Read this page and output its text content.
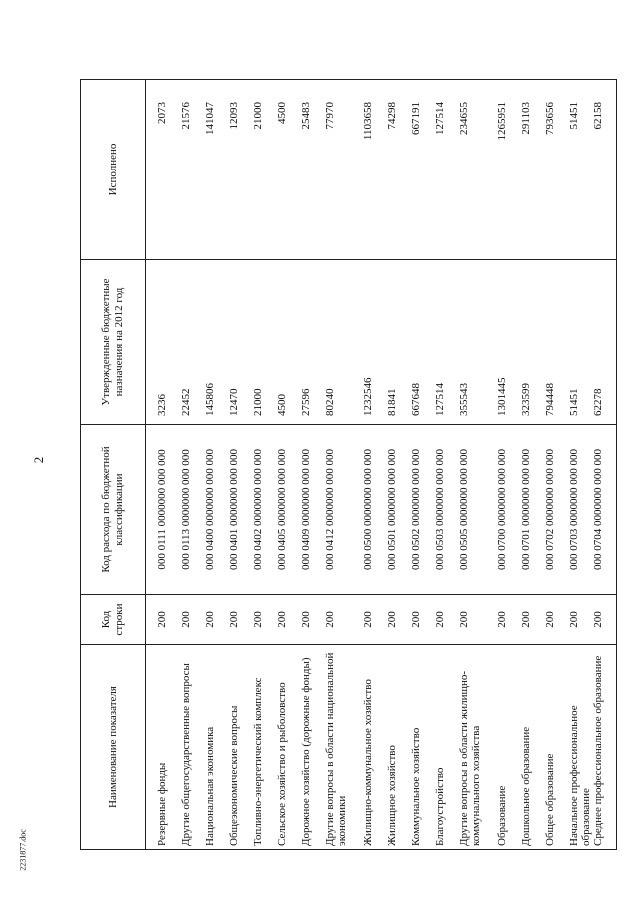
2
Наименование показателя	Код строки	Код расхода по бюджетной классификации	Утвержденные бюджетные назначения на 2012 год	Исполнено
Резервные фонды	200	000 0111 0000000 000 000	3236	2073
Другие общегосударственные вопросы	200	000 0113 0000000 000 000	22452	21576
Национальная экономика	200	000 0400 0000000 000 000	145806	141047
Общеэкономические вопросы	200	000 0401 0000000 000 000	12470	12093
Топливно-энергетический комплекс	200	000 0402 0000000 000 000	21000	21000
Сельское хозяйство и рыболовство	200	000 0405 0000000 000 000	4500	4500
Дорожное хозяйство (дорожные фонды)	200	000 0409 0000000 000 000	27596	25483
Другие вопросы в области национальной экономики	200	000 0412 0000000 000 000	80240	77970

Жилищно-коммунальное хозяйство	200	000 0500 0000000 000 000	1232546	1103658
Жилищное хозяйство	200	000 0501 0000000 000 000	81841	74298
Коммунальное хозяйство	200	000 0502 0000000 000 000	667648	667191
Благоустройство	200	000 0503 0000000 000 000	127514	127514
Другие вопросы в области жилищно-коммунального хозяйства	200	000 0505 0000000 000 000	355543	234655

Образование	200	000 0700 0000000 000 000	1301445	1265951
Дошкольное образование	200	000 0701 0000000 000 000	323599	291103
Общее образование	200	000 0702 0000000 000 000	794448	793656
Начальное профессиональное образование	200	000 0703 0000000 000 000	51451	51451
Среднее профессиональное образование	200	000 0704 0000000 000 000	62278	62158
2231877.doc
